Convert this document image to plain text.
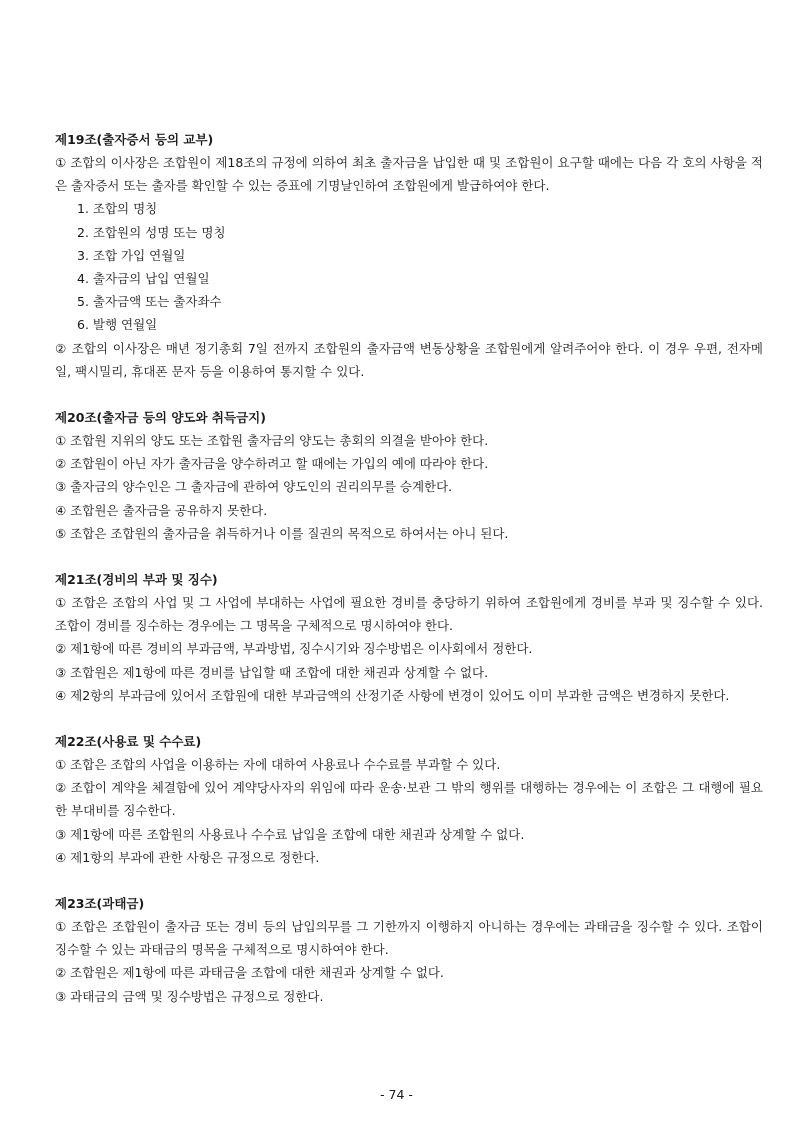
제19조(출자증서 등의 교부)
① 조합의 이사장은 조합원이 제18조의 규정에 의하여 최초 출자금을 납입한 때 및 조합원이 요구할 때에는 다음 각 호의 사항을 적은 출자증서 또는 출자를 확인할 수 있는 증표에 기명날인하여 조합원에게 발급하여야 한다.
1. 조합의 명칭
2. 조합원의 성명 또는 명칭
3. 조합 가입 연월일
4. 출자금의 납입 연월일
5. 출자금액 또는 출자좌수
6. 발행 연월일
② 조합의 이사장은 매년 정기총회 7일 전까지 조합원의 출자금액 변동상황을 조합원에게 알려주어야 한다. 이 경우 우편, 전자메일, 팩시밀리, 휴대폰 문자 등을 이용하여 통지할 수 있다.
제20조(출자금 등의 양도와 취득금지)
① 조합원 지위의 양도 또는 조합원 출자금의 양도는 총회의 의결을 받아야 한다.
② 조합원이 아닌 자가 출자금을 양수하려고 할 때에는 가입의 예에 따라야 한다.
③ 출자금의 양수인은 그 출자금에 관하여 양도인의 권리의무를 승계한다.
④ 조합원은 출자금을 공유하지 못한다.
⑤ 조합은 조합원의 출자금을 취득하거나 이를 질권의 목적으로 하여서는 아니 된다.
제21조(경비의 부과 및 징수)
① 조합은 조합의 사업 및 그 사업에 부대하는 사업에 필요한 경비를 충당하기 위하여 조합원에게 경비를 부과 및 징수할 수 있다. 조합이 경비를 징수하는 경우에는 그 명목을 구체적으로 명시하여야 한다.
② 제1항에 따른 경비의 부과금액, 부과방법, 징수시기와 징수방법은 이사회에서 정한다.
③ 조합원은 제1항에 따른 경비를 납입할 때 조합에 대한 채권과 상계할 수 없다.
④ 제2항의 부과금에 있어서 조합원에 대한 부과금액의 산정기준 사항에 변경이 있어도 이미 부과한 금액은 변경하지 못한다.
제22조(사용료 및 수수료)
① 조합은 조합의 사업을 이용하는 자에 대하여 사용료나 수수료를 부과할 수 있다.
② 조합이 계약을 체결함에 있어 계약당사자의 위임에 따라 운송·보관 그 밖의 행위를 대행하는 경우에는 이 조합은 그 대행에 필요한 부대비를 징수한다.
③ 제1항에 따른 조합원의 사용료나 수수료 납입을 조합에 대한 채권과 상계할 수 없다.
④ 제1항의 부과에 관한 사항은 규정으로 정한다.
제23조(과태금)
① 조합은 조합원이 출자금 또는 경비 등의 납입의무를 그 기한까지 이행하지 아니하는 경우에는 과태금을 징수할 수 있다. 조합이 징수할 수 있는 과태금의 명목을 구체적으로 명시하여야 한다.
② 조합원은 제1항에 따른 과태금을 조합에 대한 채권과 상계할 수 없다.
③ 과태금의 금액 및 징수방법은 규정으로 정한다.
- 74 -
